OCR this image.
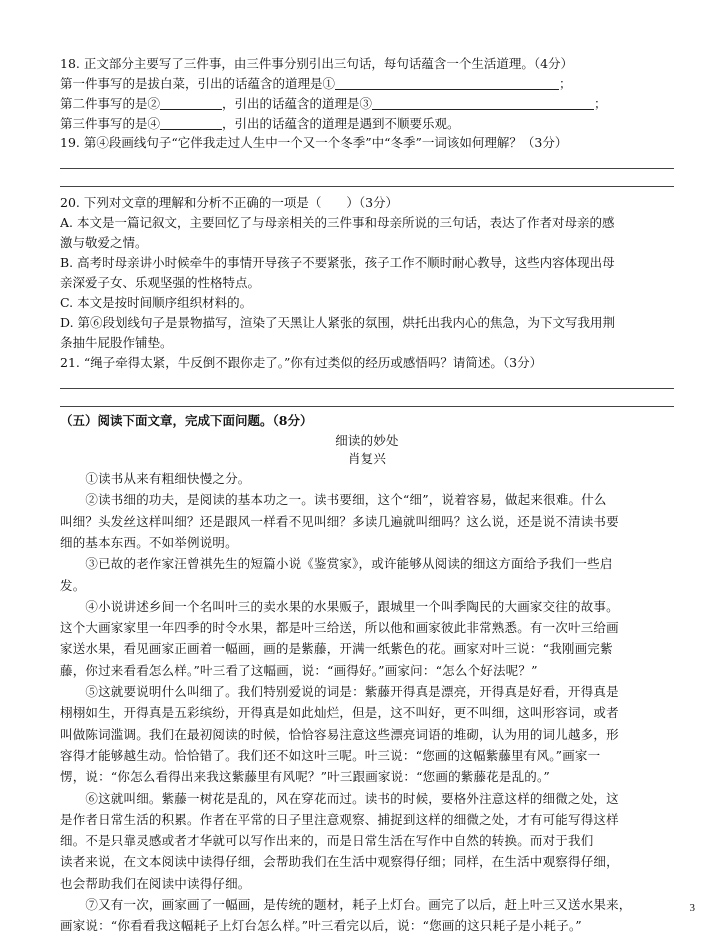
18. 正文部分主要写了三件事，由三件事分别引出三句话，每句话蕴含一个生活道理。（4分）
第一件事写的是拔白菜，引出的话蕴含的道理是①	；
第二件事写的是②	，引出的话蕴含的道理是③	；
第三件事写的是④	，引出的话蕴含的道理是遇到不顺要乐观。
19. 第④段画线句子“它伴我走过人生中一个又一个冬季”中“冬季”一词该如何理解？（3分）
20. 下列对文章的理解和分析不正确的一项是（　　）（3分）
A. 本文是一篇记叙文，主要回忆了与母亲相关的三件事和母亲所说的三句话，表达了作者对母亲的感
激与敬爱之情。
B. 高考时母亲讲小时候牵牛的事情开导孩子不要紧张，孩子工作不顺时耐心教导，这些内容体现出母
亲深爱子女、乐观坚强的性格特点。
C. 本文是按时间顺序组织材料的。
D. 第⑥段划线句子是景物描写，渲染了天黑让人紧张的氛围，烘托出我内心的焦急，为下文写我用荆
条抽牛屁股作铺垫。
21. “绳子牵得太紧，牛反倒不跟你走了。”你有过类似的经历或感悟吗？请简述。（3分）
（五）阅读下面文章，完成下面问题。（8分）
细读的妙处
肖复兴
　　①读书从来有粗细快慢之分。
　　②读书细的功夫，是阅读的基本功之一。读书要细，这个“细”，说着容易，做起来很难。什么
叫细？头发丝这样叫细？还是跟风一样看不见叫细？多读几遍就叫细吗？这么说，还是说不清读书要
细的基本东西。不如举例说明。
　　③已故的老作家汪曾祺先生的短篇小说《鉴赏家》，或许能够从阅读的细这方面给予我们一些启
发。
　　④小说讲述乡间一个名叫叶三的卖水果的水果贩子，跟城里一个叫季陶民的大画家交往的故事。
这个大画家家里一年四季的时令水果，都是叶三给送，所以他和画家彼此非常熟悉。有一次叶三给画
家送水果，看见画家正画着一幅画，画的是紫藤，开满一纸紫色的花。画家对叶三说：“我刚画完紫
藤，你过来看看怎么样。”叶三看了这幅画，说：“画得好。”画家问：“怎么个好法呢？”
　　⑤这就要说明什么叫细了。我们特别爱说的词是：紫藤开得真是漂亮，开得真是好看，开得真是
栩栩如生，开得真是五彩缤纷，开得真是如此灿烂，但是，这不叫好，更不叫细，这叫形容词，或者
叫做陈词滥调。我们在最初阅读的时候，恰恰容易注意这些漂亮词语的堆砌，认为用的词儿越多，形
容得才能够越生动。恰恰错了。我们还不如这叶三呢。叶三说：“您画的这幅紫藤里有风。”画家一
愣，说：“你怎么看得出来我这紫藤里有风呢？”叶三跟画家说：“您画的紫藤花是乱的。”
　　⑥这就叫细。紫藤一树花是乱的，风在穿花而过。读书的时候，要格外注意这样的细微之处，这
是作者日常生活的积累。作者在平常的日子里注意观察、捕捉到这样的细微之处，才有可能写得这样
细。不是只靠灵感或者才华就可以写作出来的，而是日常生活在写作中自然的转换。而对于我们
读者来说，在文本阅读中读得仔细，会帮助我们在生活中观察得仔细；同样，在生活中观察得仔细，
也会帮助我们在阅读中读得仔细。
　　⑦又有一次，画家画了一幅画，是传统的题材，耗子上灯台。画完了以后，赶上叶三又送水果来，
画家说：“你看看我这幅耗子上灯台怎么样。”叶三看完以后，说：“您画的这只耗子是小耗子。”
3
